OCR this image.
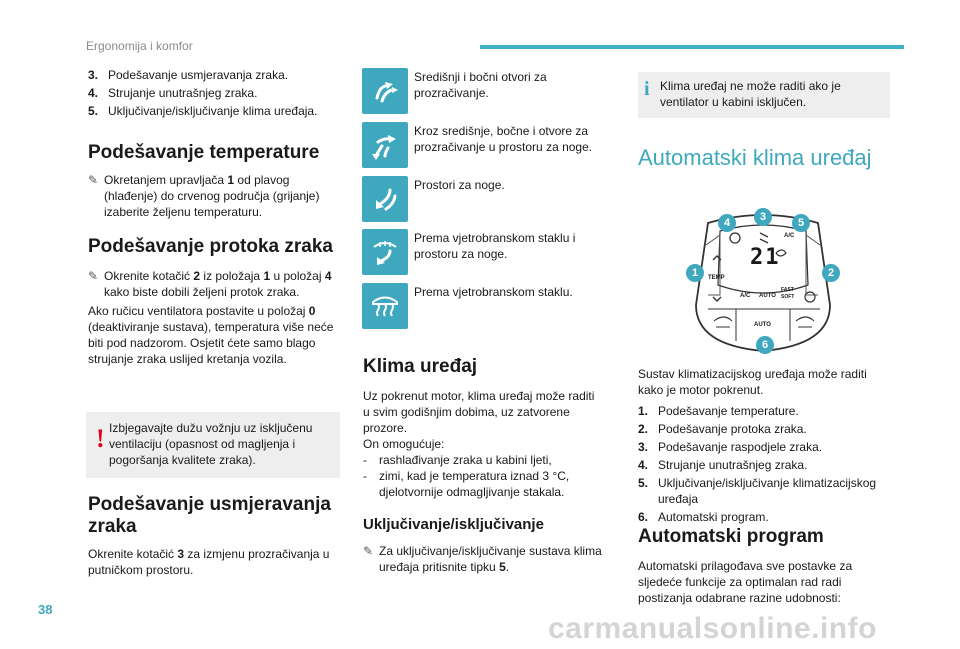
Ergonomija i komfor
3. Podešavanje usmjeravanja zraka.
4. Strujanje unutrašnjeg zraka.
5. Uključivanje/isključivanje klima uređaja.
Podešavanje temperature
✎ Okretanjem upravljača 1 od plavog (hlađenje) do crvenog područja (grijanje) izaberite željenu temperaturu.
Podešavanje protoka zraka
✎ Okrenite kotačić 2 iz položaja 1 u položaj 4 kako biste dobili željeni protok zraka.
Ako ručicu ventilatora postavite u položaj 0 (deaktiviranje sustava), temperatura više neće biti pod nadzorom. Osjetit ćete samo blago strujanje zraka uslijed kretanja vozila.
! Izbjegavajte dužu vožnju uz isključenu ventilaciju (opasnost od magljenja i pogoršanja kvalitete zraka).
Podešavanje usmjeravanja zraka
Okrenite kotačić 3 za izmjenu prozračivanja u putničkom prostoru.
Središnji i bočni otvori za prozračivanje.
Kroz središnje, bočne i otvore za prozračivanje u prostoru za noge.
Prostori za noge.
Prema vjetrobranskom staklu i prostoru za noge.
Prema vjetrobranskom staklu.
Klima uređaj
Uz pokrenut motor, klima uređaj može raditi u svim godišnjim dobima, uz zatvorene prozore.
On omogućuje:
-	rashlađivanje zraka u kabini ljeti,
-	zimi, kad je temperatura iznad 3 °C, djelotvornije odmagljivanje stakala.
Uključivanje/isključivanje
✎ Za uključivanje/isključivanje sustava klima uređaja pritisnite tipku 5.
i Klima uređaj ne može raditi ako je ventilator u kabini isključen.
Automatski klima uređaj
21
A/C
TEMP
A/C AUTO
FAST
SOFT
AUTO
4	3	5
1	2
6
Sustav klimatizacijskog uređaja može raditi kako je motor pokrenut.
1. Podešavanje temperature.
2. Podešavanje protoka zraka.
3. Podešavanje raspodjele zraka.
4. Strujanje unutrašnjeg zraka.
5. Uključivanje/isključivanje klimatizacijskog uređaja
6. Automatski program.
Automatski program
Automatski prilagođava sve postavke za sljedeće funkcije za optimalan rad radi postizanja odabrane razine udobnosti:
38
carmanualsonline.info
